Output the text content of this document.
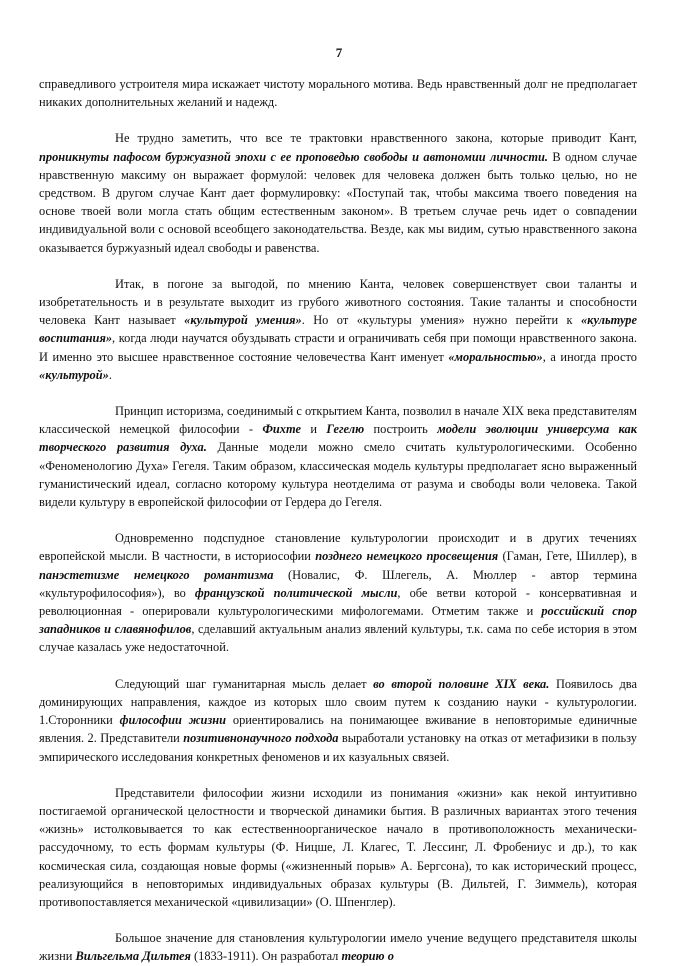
7

справедливого устроителя мира искажает чистоту морального мотива. Ведь нравственный долг не предполагает никаких дополнительных желаний и надежд.

Не трудно заметить, что все те трактовки нравственного закона, которые приводит Кант, проникнуты пафосом буржуазной эпохи с ее проповедью свободы и автономии личности. В одном случае нравственную максиму он выражает формулой: человек для человека должен быть только целью, но не средством. В другом случае Кант дает формулировку: «Поступай так, чтобы максима твоего поведения на основе твоей воли могла стать общим естественным законом». В третьем случае речь идет о совпадении индивидуальной воли с основой всеобщего законодательства. Везде, как мы видим, сутью нравственного закона оказывается буржуазный идеал свободы и равенства.

Итак, в погоне за выгодой, по мнению Канта, человек совершенствует свои таланты и изобретательность и в результате выходит из грубого животного состояния. Такие таланты и способности человека Кант называет «культурой умения». Но от «культуры умения» нужно перейти к «культуре воспитания», когда люди научатся обуздывать страсти и ограничивать себя при помощи нравственного закона. И именно это высшее нравственное состояние человечества Кант именует «моральностью», а иногда просто «культурой».

Принцип историзма, соединимый с открытием Канта, позволил в начале XIX века представителям классической немецкой философии - Фихте и Гегелю построить модели эволюции универсума как творческого развития духа. Данные модели можно смело считать культурологическими. Особенно «Феноменологию Духа» Гегеля. Таким образом, классическая модель культуры предполагает ясно выраженный гуманистический идеал, согласно которому культура неотделима от разума и свободы воли человека. Такой видели культуру в европейской философии от Гердера до Гегеля.

Одновременно подспудное становление культурологии происходит и в других течениях европейской мысли. В частности, в историософии позднего немецкого просвещения (Гаман, Гете, Шиллер), в панэстетизме немецкого романтизма (Новалис, Ф. Шлегель, А. Мюллер - автор термина «культурофилософия»), во французской политической мысли, обе ветви которой - консервативная и революционная - оперировали культурологическими мифологемами. Отметим также и российский спор западников и славянофилов, сделавший актуальным анализ явлений культуры, т.к. сама по себе история в этом случае казалась уже недостаточной.

Следующий шаг гуманитарная мысль делает во второй половине XIX века. Появилось два доминирующих направления, каждое из которых шло своим путем к созданию науки - культурологии. 1.Сторонники философии жизни ориентировались на понимающее вживание в неповторимые единичные явления. 2. Представители позитивнонаучного подхода выработали установку на отказ от метафизики в пользу эмпирического исследования конкретных феноменов и их казуальных связей.

Представители философии жизни исходили из понимания «жизни» как некой интуитивно постигаемой органической целостности и творческой динамики бытия. В различных вариантах этого течения «жизнь» истолковывается то как естественноорганическое начало в противоположность механически-рассудочному, то есть формам культуры (Ф. Ницше, Л. Клагес, Т. Лессинг, Л. Фробениус и др.), то как космическая сила, создающая новые формы («жизненный порыв» А. Бергсона), то как исторический процесс, реализующийся в неповторимых индивидуальных образах культуры (В. Дильтей, Г. Зиммель), которая противопоставляется механической «цивилизации» (О. Шпенглер).

Большое значение для становления культурологии имело учение ведущего представителя школы жизни Вильгельма Дильтея (1833-1911). Он разработал теорию о
